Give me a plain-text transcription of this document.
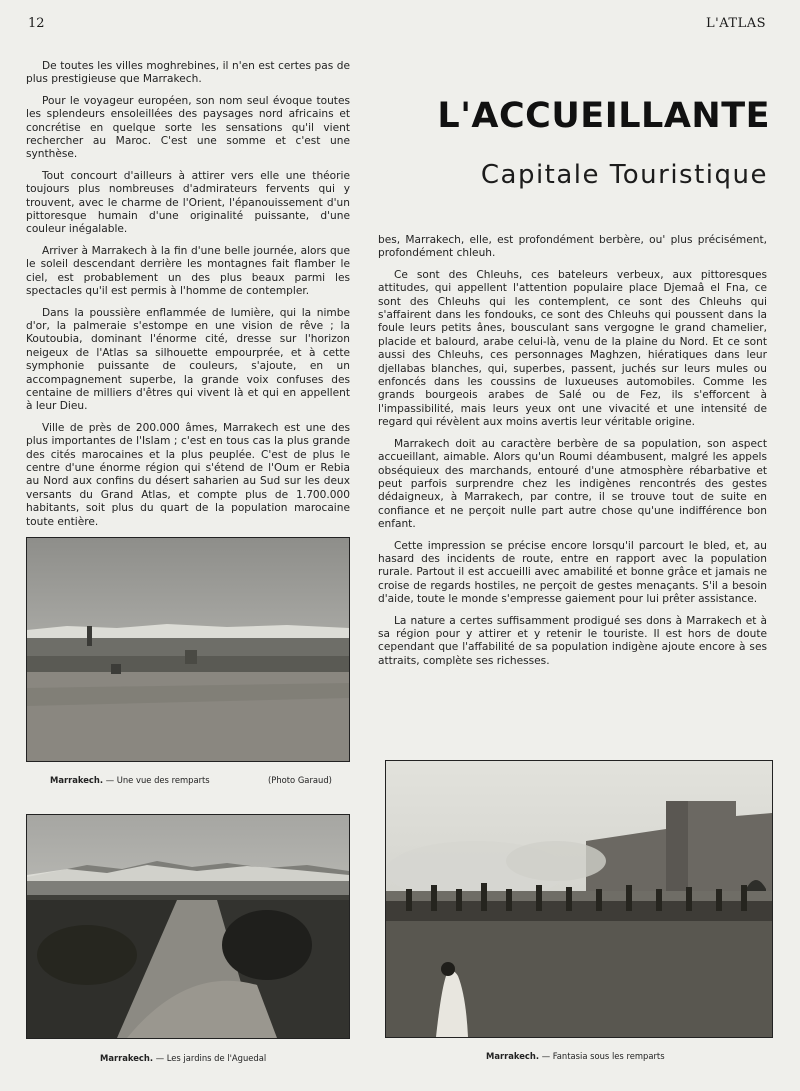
12	L'ATLAS

De toutes les villes moghrebines, il n'en est certes pas de plus prestigieuse que Marrakech.

Pour le voyageur européen, son nom seul évoque toutes les splendeurs ensoleillées des paysages nord africains et concrétise en quelque sorte les sensations qu'il vient rechercher au Maroc. C'est une somme et c'est une synthèse.

Tout concourt d'ailleurs à attirer vers elle une théorie toujours plus nombreuses d'admirateurs fervents qui y trouvent, avec le charme de l'Orient, l'épanouissement d'un pittoresque humain d'une originalité puissante, d'une couleur inégalable.

Arriver à Marrakech à la fin d'une belle journée, alors que le soleil descendant derrière les montagnes fait flamber le ciel, est probablement un des plus beaux parmi les spectacles qu'il est permis à l'homme de contempler.

Dans la poussière enflammée de lumière, qui la nimbe d'or, la palmeraie s'estompe en une vision de rêve ; la Koutoubia, dominant l'énorme cité, dresse sur l'horizon neigeux de l'Atlas sa silhouette empourprée, et à cette symphonie puissante de couleurs, s'ajoute, en un accompagnement superbe, la grande voix confuses des centaine de milliers d'êtres qui vivent là et qui en appellent à leur Dieu.

Ville de près de 200.000 âmes, Marrakech est une des plus importantes de l'Islam ; c'est en tous cas la plus grande des cités marocaines et la plus peuplée. C'est de plus le centre d'une énorme région qui s'étend de l'Oum er Rebia au Nord aux confins du désert saharien au Sud sur les deux versants du Grand Atlas, et compte plus de 1.700.000 habitants, soit plus du quart de la population marocaine toute entière.

L'ACCUEILLANTE
Capitale Touristique

bes, Marrakech, elle, est profondément berbère, ou' plus précisément, profondément chleuh.

Ce sont des Chleuhs, ces bateleurs verbeux, aux pittoresques attitudes, qui appellent l'attention populaire place Djemaâ el Fna, ce sont des Chleuhs qui les contemplent, ce sont des Chleuhs qui s'affairent dans les fondouks, ce sont des Chleuhs qui poussent dans la foule leurs petits ânes, bousculant sans vergogne le grand chamelier, placide et balourd, arabe celui-là, venu de la plaine du Nord. Et ce sont aussi des Chleuhs, ces personnages Maghzen, hiératiques dans leur djellabas blanches, qui, superbes, passent, juchés sur leurs mules ou enfoncés dans les coussins de luxueuses automobiles. Comme les grands bourgeois arabes de Salé ou de Fez, ils s'efforcent à l'impassibilité, mais leurs yeux ont une vivacité et une intensité de regard qui révèlent aux moins avertis leur véritable origine.

Marrakech doit au caractère berbère de sa population, son aspect accueillant, aimable. Alors qu'un Roumi déambusent, malgré les appels obséquieux des marchands, entouré d'une atmosphère rébarbative et peut parfois surprendre chez les indigènes rencontrés des gestes dédaigneux, à Marrakech, par contre, il se trouve tout de suite en confiance et ne perçoit nulle part autre chose qu'une indifférence bon enfant.

Cette impression se précise encore lorsqu'il parcourt le bled, et, au hasard des incidents de route, entre en rapport avec la population rurale. Partout il est accueilli avec amabilité et bonne grâce et jamais ne croise de regards hostiles, ne perçoit de gestes menaçants. S'il a besoin d'aide, toute le monde s'empresse gaiement pour lui prêter assistance.

La nature a certes suffisamment prodigué ses dons à Marrakech et à sa région pour y attirer et y retenir le touriste. Il est hors de doute cependant que l'affabilité de sa population indigène ajoute encore à ses attraits, complète ses richesses.

Marrakech. — Une vue des remparts	(Photo Garaud)
Marrakech. — Les jardins de l'Aguedal	Marrakech. — Fantasia sous les remparts
